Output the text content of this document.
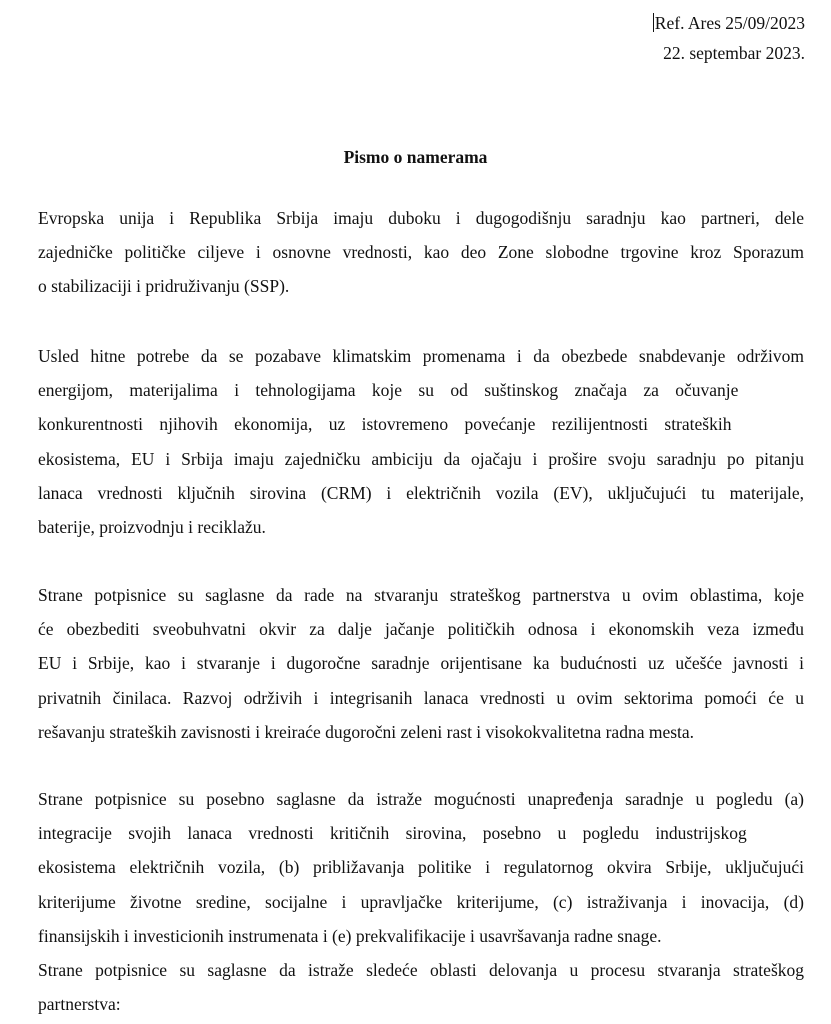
Ref. Ares 25/09/2023
22. septembar 2023.
Pismo o namerama
Evropska unija i Republika Srbija imaju duboku i dugogodišnju saradnju kao partneri, dele
zajedničke političke ciljeve i osnovne vrednosti, kao deo Zone slobodne trgovine kroz Sporazum
o stabilizaciji i pridruživanju (SSP).
Usled hitne potrebe da se pozabave klimatskim promenama i da obezbede snabdevanje održivom
energijom, materijalima i tehnologijama koje su od suštinskog značaja za očuvanje
konkurentnosti njihovih ekonomija, uz istovremeno povećanje rezilijentnosti strateških
ekosistema, EU i Srbija imaju zajedničku ambiciju da ojačaju i prošire svoju saradnju po pitanju
lanaca vrednosti ključnih sirovina (CRM) i električnih vozila (EV), uključujući tu materijale,
baterije, proizvodnju i reciklažu.
Strane potpisnice su saglasne da rade na stvaranju strateškog partnerstva u ovim oblastima, koje
će obezbediti sveobuhvatni okvir za dalje jačanje političkih odnosa i ekonomskih veza između
EU i Srbije, kao i stvaranje i dugoročne saradnje orijentisane ka budućnosti uz učešće javnosti i
privatnih činilaca. Razvoj održivih i integrisanih lanaca vrednosti u ovim sektorima pomoći će u
rešavanju strateških zavisnosti i kreiraće dugoročni zeleni rast i visokokvalitetna radna mesta.
Strane potpisnice su posebno saglasne da istraže mogućnosti unapređenja saradnje u pogledu (a)
integracije svojih lanaca vrednosti kritičnih sirovina, posebno u pogledu industrijskog
ekosistema električnih vozila, (b) približavanja politike i regulatornog okvira Srbije, uključujući
kriterijume životne sredine, socijalne i upravljačke kriterijume, (c) istraživanja i inovacija, (d)
finansijskih i investicionih instrumenata i (e) prekvalifikacije i usavršavanja radne snage.
Strane potpisnice su saglasne da istraže sledeće oblasti delovanja u procesu stvaranja strateškog
partnerstva:
